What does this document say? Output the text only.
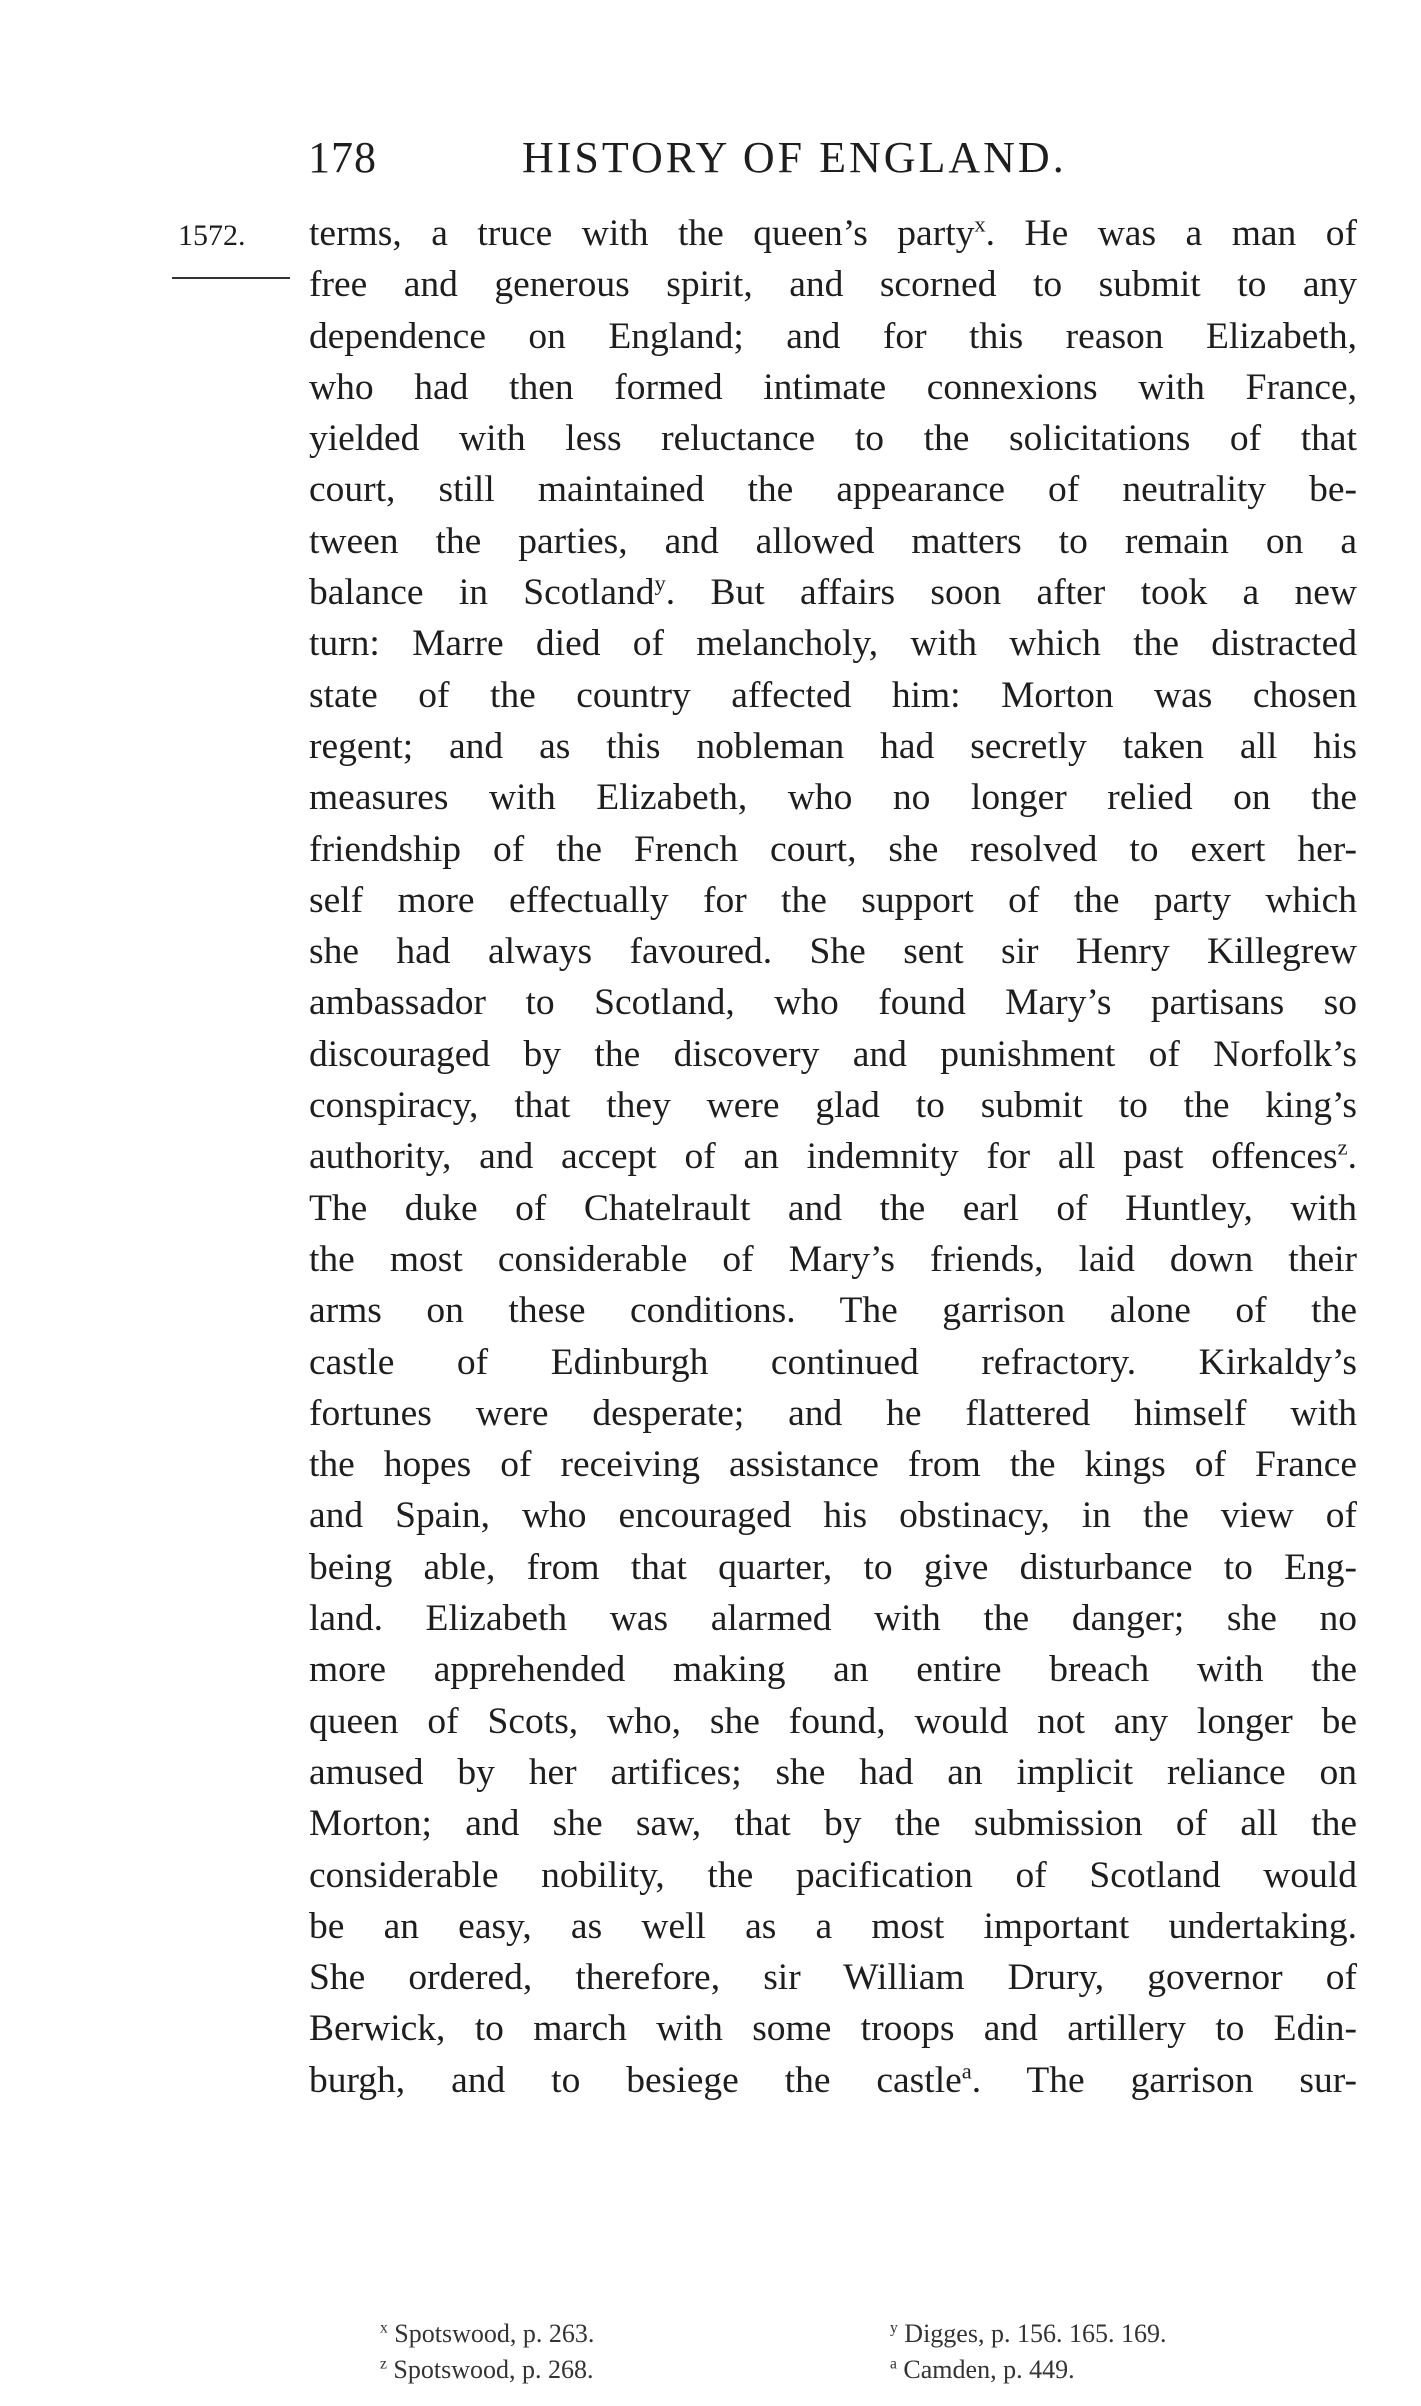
178	HISTORY OF ENGLAND.
1572. terms, a truce with the queen’s party$^x$. He was a man of
free and generous spirit, and scorned to submit to any
dependence on England; and for this reason Elizabeth,
who had then formed intimate connexions with France,
yielded with less reluctance to the solicitations of that
court, still maintained the appearance of neutrality be-
tween the parties, and allowed matters to remain on a
balance in Scotland$^y$. But affairs soon after took a new
turn: Marre died of melancholy, with which the distracted
state of the country affected him: Morton was chosen
regent; and as this nobleman had secretly taken all his
measures with Elizabeth, who no longer relied on the
friendship of the French court, she resolved to exert her-
self more effectually for the support of the party which
she had always favoured. She sent sir Henry Killegrew
ambassador to Scotland, who found Mary’s partisans so
discouraged by the discovery and punishment of Norfolk’s
conspiracy, that they were glad to submit to the king’s
authority, and accept of an indemnity for all past offences$^z$.
The duke of Chatelrault and the earl of Huntley, with
the most considerable of Mary’s friends, laid down their
arms on these conditions. The garrison alone of the
castle of Edinburgh continued refractory. Kirkaldy’s
fortunes were desperate; and he flattered himself with
the hopes of receiving assistance from the kings of France
and Spain, who encouraged his obstinacy, in the view of
being able, from that quarter, to give disturbance to Eng-
land. Elizabeth was alarmed with the danger; she no
more apprehended making an entire breach with the
queen of Scots, who, she found, would not any longer be
amused by her artifices; she had an implicit reliance on
Morton; and she saw, that by the submission of all the
considerable nobility, the pacification of Scotland would
be an easy, as well as a most important undertaking.
She ordered, therefore, sir William Drury, governor of
Berwick, to march with some troops and artillery to Edin-
burgh, and to besiege the castle$^a$. The garrison sur-
$^x$ Spotswood, p. 263.	$^y$ Digges, p. 156. 165. 169.
$^z$ Spotswood, p. 268.	$^a$ Camden, p. 449.
